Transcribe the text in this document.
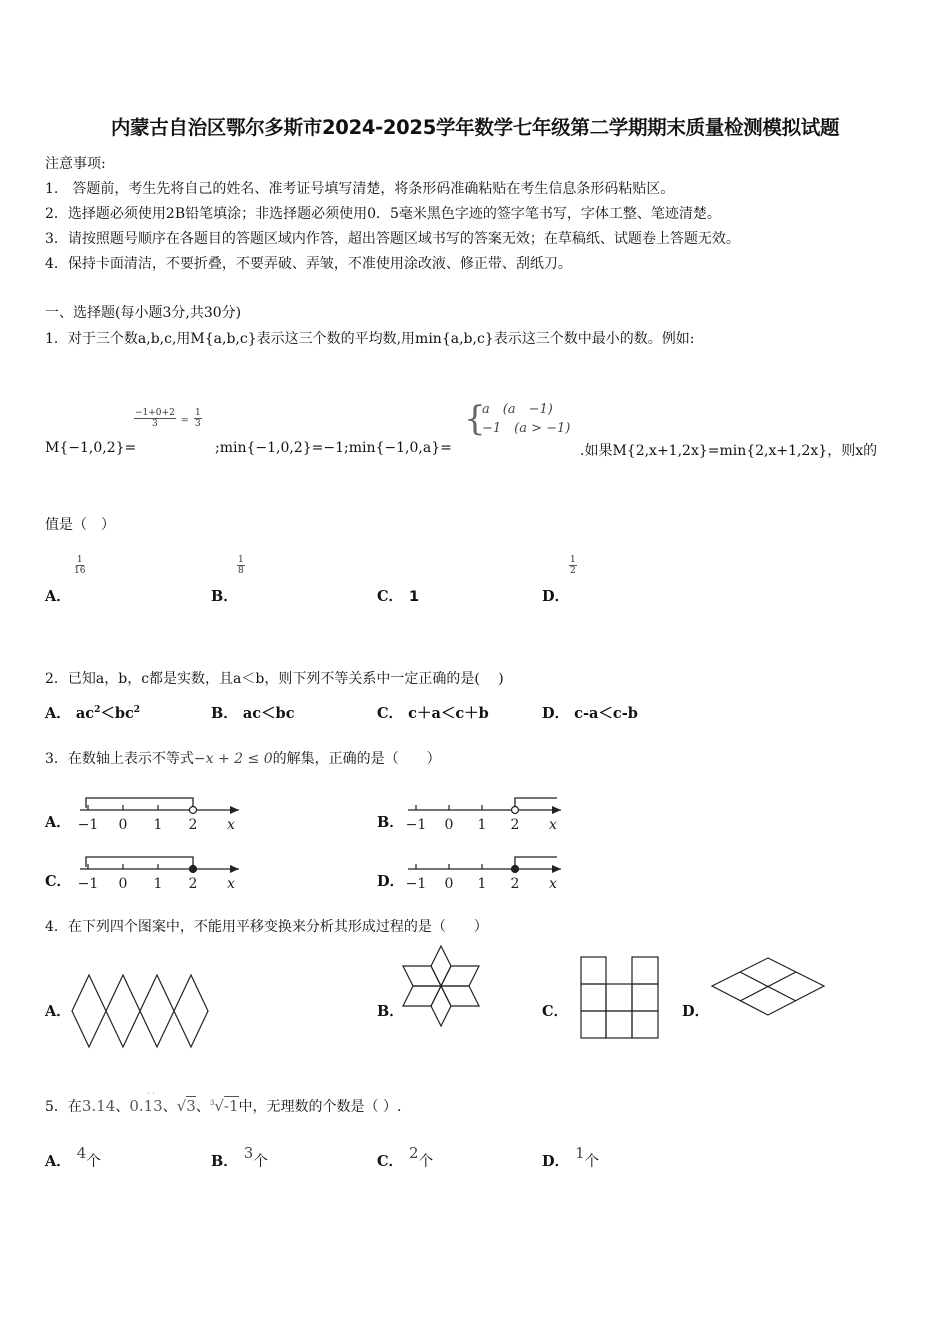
内蒙古自治区鄂尔多斯市2024-2025学年数学七年级第二学期期末质量检测模拟试题
注意事项:
1.　答题前，考生先将自己的姓名、准考证号填写清楚，将条形码准确粘贴在考生信息条形码粘贴区。
2．选择题必须使用2B铅笔填涂；非选择题必须使用0．5毫米黑色字迹的签字笔书写，字体工整、笔迹清楚。
3．请按照题号顺序在各题目的答题区域内作答，超出答题区域书写的答案无效；在草稿纸、试题卷上答题无效。
4．保持卡面清洁，不要折叠，不要弄破、弄皱，不准使用涂改液、修正带、刮纸刀。
一、选择题(每小题3分,共30分)
1．对于三个数a,b,c,用M{a,b,c}表示这三个数的平均数,用min{a,b,c}表示这三个数中最小的数。例如:
M{−1,0,2}=
$\frac{-1+0+2}{3} = \frac{1}{3}$
;min{−1,0,2}=−1;min{−1,0,a}=
{
a　(a　−1)
−1　(a > −1)
.如果M{2,x+1,2x}=min{2,x+1,2x}，则x的
值是（　）
A．
$\frac{1}{16}$
B．
$\frac{1}{8}$
C． 1	D．
$\frac{1}{2}$
2．已知a，b，c都是实数，且a＜b，则下列不等关系中一定正确的是(　 )
A． $ac^2<bc^2$	B． ac＜bc	C． c＋a＜c＋b	D． c-a＜c-b
3．在数轴上表示不等式−x + 2 ≤ 0的解集，正确的是（　　）
A．	B．
C．	D．
−1 0 1 2 x	−1 0 1 2 x
−1 0 1 2 x	−1 0 1 2 x
4．在下列四个图案中，不能用平移变换来分析其形成过程的是（　　）
A．	B．	C．	D．
5．在3.14、0.13
· ·
、√3、$^3$√-1中，无理数的个数是（ ）.
A． 4个	B． 3个	C． 2个	D． 1个
